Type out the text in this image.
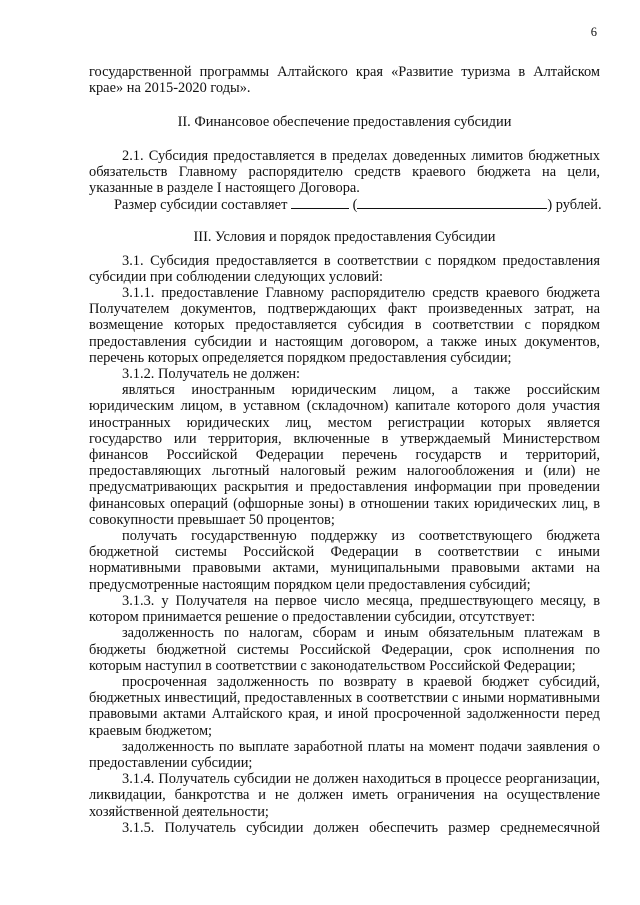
6

государственной программы Алтайского края «Развитие туризма в Алтайском

крае» на 2015-2020 годы».

II. Финансовое обеспечение предоставления субсидии

2.1. Субсидия предоставляется в пределах доведенных лимитов бюджетных обязательств Главному распорядителю средств краевого бюджета на цели, указанные в разделе I настоящего Договора.

Размер субсидии составляет	(	) рублей.

III. Условия и порядок предоставления Субсидии

3.1. Субсидия предоставляется в соответствии с порядком предоставления субсидии при соблюдении следующих условий:

3.1.1. предоставление Главному распорядителю средств краевого бюджета Получателем документов, подтверждающих факт произведенных затрат, на возмещение которых предоставляется субсидия в соответствии с порядком предоставления субсидии и настоящим договором, а также иных документов, перечень которых определяется порядком предоставления субсидии;

3.1.2. Получатель не должен:

являться иностранным юридическим лицом, а также российским юридическим лицом, в уставном (складочном) капитале которого доля участия иностранных юридических лиц, местом регистрации которых является государство или территория, включенные в утверждаемый Министерством финансов Российской Федерации перечень государств и территорий, предоставляющих льготный налоговый режим налогообложения и (или) не предусматривающих раскрытия и предоставления информации при проведении финансовых операций (офшорные зоны) в отношении таких юридических лиц, в совокупности превышает 50 процентов;

получать государственную поддержку из соответствующего бюджета бюджетной системы Российской Федерации в соответствии с иными нормативными правовыми актами, муниципальными правовыми актами на предусмотренные настоящим порядком цели предоставления субсидий;

3.1.3. у Получателя на первое число месяца, предшествующего месяцу, в котором принимается решение о предоставлении субсидии, отсутствует:

задолженность по налогам, сборам и иным обязательным платежам в бюджеты бюджетной системы Российской Федерации, срок исполнения по которым наступил в соответствии с законодательством Российской Федерации;

просроченная задолженность по возврату в краевой бюджет субсидий, бюджетных инвестиций, предоставленных в соответствии с иными нормативными правовыми актами Алтайского края, и иной просроченной задолженности перед краевым бюджетом;

задолженность по выплате заработной платы на момент подачи заявления о предоставлении субсидии;

3.1.4. Получатель субсидии не должен находиться в процессе реорганизации, ликвидации, банкротства и не должен иметь ограничения на осуществление хозяйственной деятельности;

3.1.5. Получатель субсидии должен обеспечить размер среднемесячной
